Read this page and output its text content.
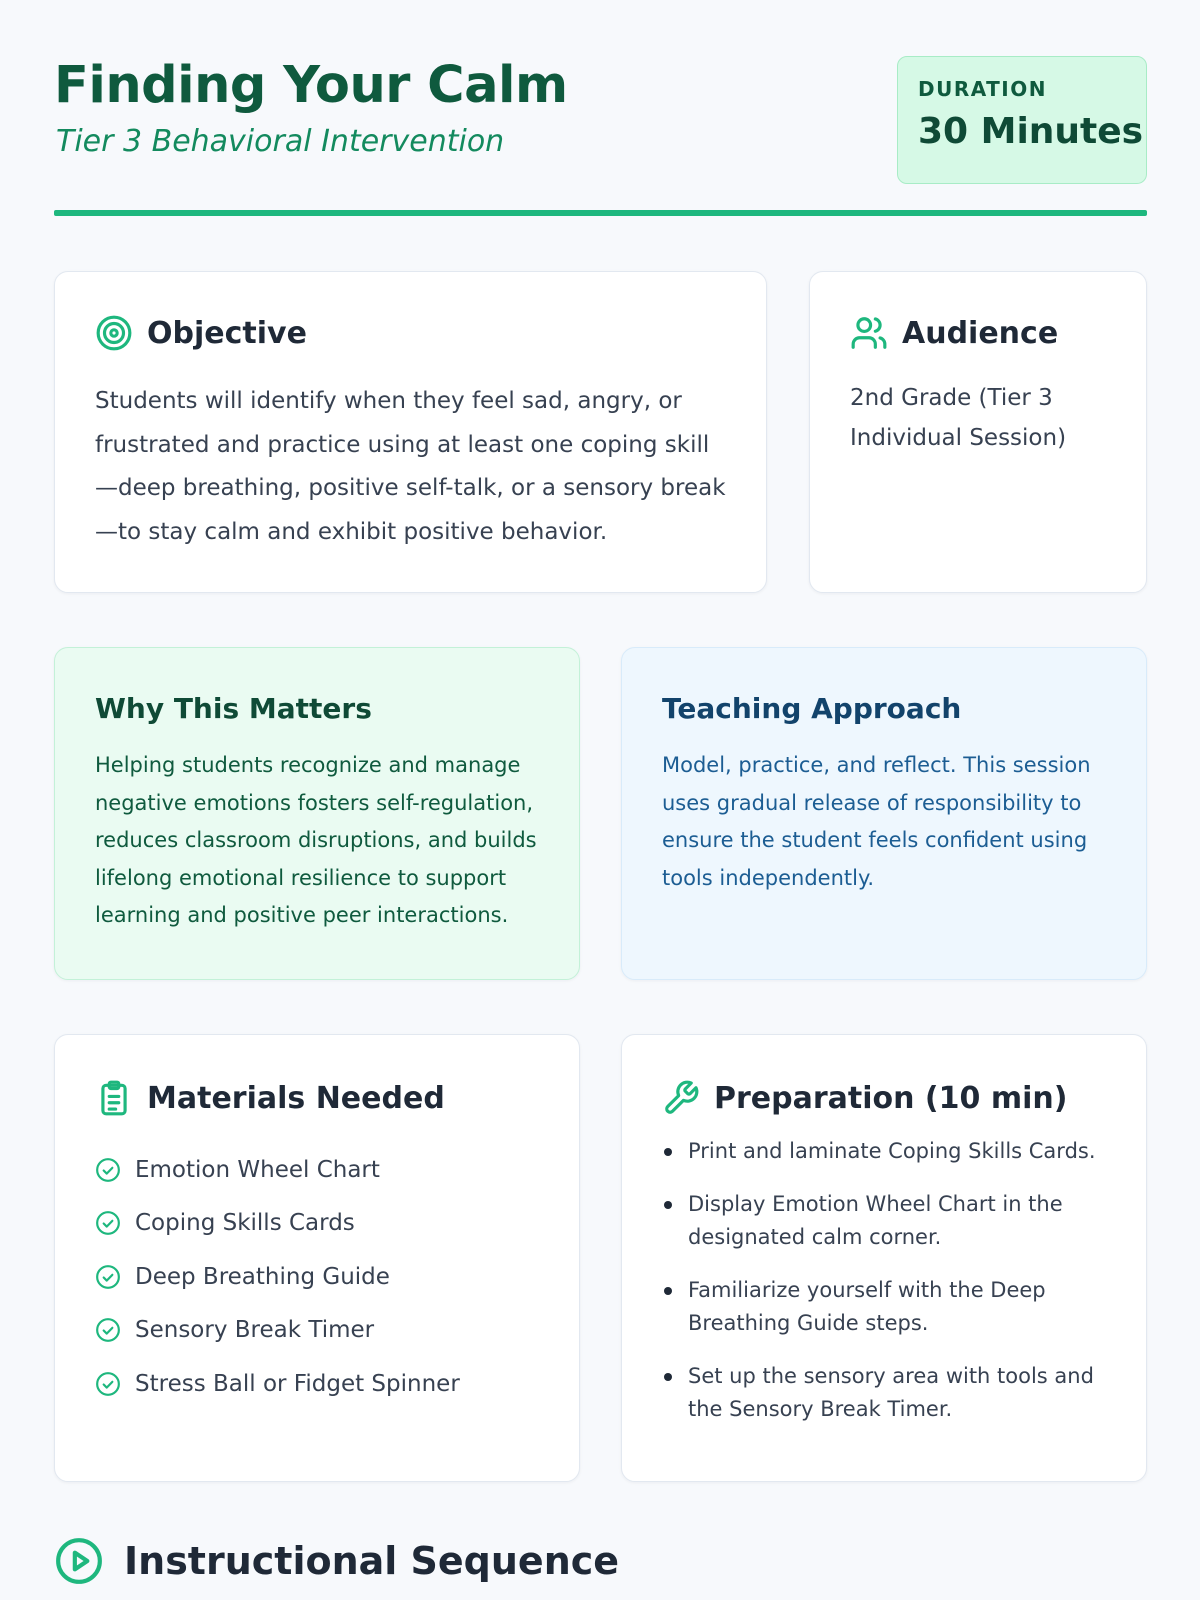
Finding Your Calm
Tier 3 Behavioral Intervention
DURATION
30 Minutes
Objective

Students will identify when they feel sad, angry, or frustrated and practice using at least one coping skill—deep breathing, positive self-talk, or a sensory break—to stay calm and exhibit positive behavior.

Audience

2nd Grade (Tier 3 Individual Session)

Why This Matters

Helping students recognize and manage negative emotions fosters self-regulation, reduces classroom disruptions, and builds lifelong emotional resilience to support learning and positive peer interactions.

Teaching Approach

Model, practice, and reflect. This session uses gradual release of responsibility to ensure the student feels confident using tools independently.

Materials Needed
Emotion Wheel Chart
Coping Skills Cards
Deep Breathing Guide
Sensory Break Timer
Stress Ball or Fidget Spinner
Preparation (10 min)
Print and laminate Coping Skills Cards.
Display Emotion Wheel Chart in the designated calm corner.
Familiarize yourself with the Deep Breathing Guide steps.
Set up the sensory area with tools and the Sensory Break Timer.
Instructional Sequence
